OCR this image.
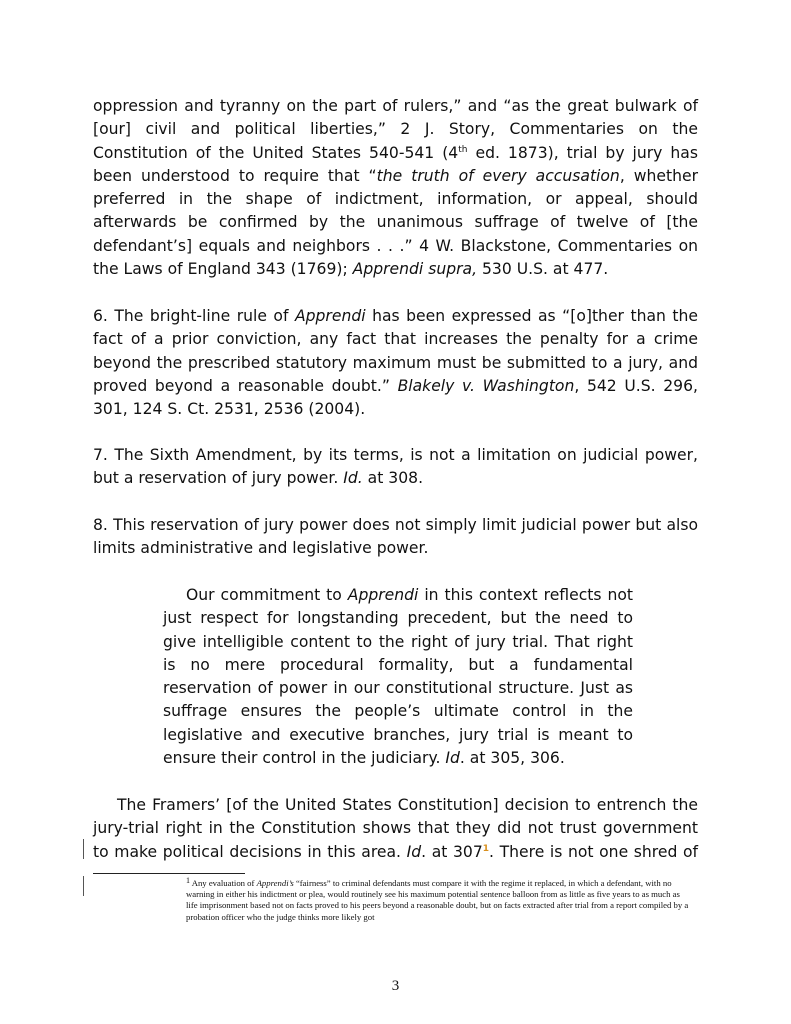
oppression and tyranny on the part of rulers,” and “as the great bulwark of [our] civil and political liberties,” 2 J. Story, Commentaries on the Constitution of the United States 540-541 (4th ed. 1873), trial by jury has been understood to require that “the truth of every accusation, whether preferred in the shape of indictment, information, or appeal, should afterwards be confirmed by the unanimous suffrage of twelve of [the defendant’s] equals and neighbors . . .” 4 W. Blackstone, Commentaries on the Laws of England 343 (1769); Apprendi supra, 530 U.S. at 477.

6. The bright-line rule of Apprendi has been expressed as “[o]ther than the fact of a prior conviction, any fact that increases the penalty for a crime beyond the prescribed statutory maximum must be submitted to a jury, and proved beyond a reasonable doubt.” Blakely v. Washington, 542 U.S. 296, 301, 124 S. Ct. 2531, 2536 (2004).

7. The Sixth Amendment, by its terms, is not a limitation on judicial power, but a reservation of jury power. Id. at 308.

8. This reservation of jury power does not simply limit judicial power but also limits administrative and legislative power.

Our commitment to Apprendi in this context reflects not just respect for longstanding precedent, but the need to give intelligible content to the right of jury trial. That right is no mere procedural formality, but a fundamental reservation of power in our constitutional structure. Just as suffrage ensures the people’s ultimate control in the legislative and executive branches, jury trial is meant to ensure their control in the judiciary. Id. at 305, 306.

The Framers’ [of the United States Constitution] decision to entrench the jury-trial right in the Constitution shows that they did not trust government to make political decisions in this area. Id. at 307$^1$. There is not one shred of

$^1$ Any evaluation of Apprendi’s “fairness” to criminal defendants must compare it with the regime it replaced, in which a defendant, with no warning in either his indictment or plea, would routinely see his maximum potential sentence balloon from as little as five years to as much as life imprisonment based not on facts proved to his peers beyond a reasonable doubt, but on facts extracted after trial from a report compiled by a probation officer who the judge thinks more likely got

3
